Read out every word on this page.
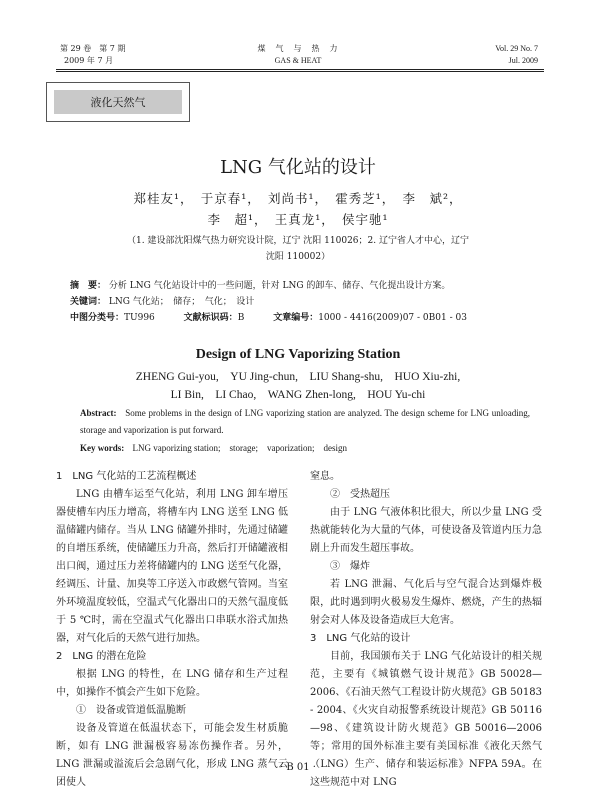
第 29 卷　第 7 期
2009 年 7 月
煤　气　与　热　力
GAS & HEAT
Vol. 29 No. 7
Jul. 2009
液化天然气
LNG 气化站的设计
郑桂友¹，　于京春¹，　刘尚书¹，　霍秀芝¹，　李　斌²，
李　超¹，　王真龙¹，　侯宇驰¹
（1. 建设部沈阳煤气热力研究设计院，辽宁 沈阳 110026；2. 辽宁省人才中心，辽宁
沈阳 110002）
摘　要： 分析 LNG 气化站设计中的一些问题，针对 LNG 的卸车、储存、气化提出设计方案。
关键词： LNG 气化站；　储存；　气化；　设计
中图分类号：TU996	文献标识码：B	文章编号：1000 - 4416(2009)07 - 0B01 - 03
Design of LNG Vaporizing Station
ZHENG Gui-you,　YU Jing-chun,　LIU Shang-shu,　HUO Xiu-zhi,
LI Bin,　LI Chao,　WANG Zhen-long,　HOU Yu-chi
Abstract: Some problems in the design of LNG vaporizing station are analyzed. The design scheme for LNG unloading, storage and vaporization is put forward.
Key words: LNG vaporizing station;　storage;　vaporization;　design

1　LNG 气化站的工艺流程概述

LNG 由槽车运至气化站，利用 LNG 卸车增压器使槽车内压力增高，将槽车内 LNG 送至 LNG 低温储罐内储存。当从 LNG 储罐外排时，先通过储罐的自增压系统，使储罐压力升高，然后打开储罐液相出口阀，通过压力差将储罐内的 LNG 送至气化器，经调压、计量、加臭等工序送入市政燃气管网。当室外环境温度较低，空温式气化器出口的天然气温度低于 5 ℃时，需在空温式气化器出口串联水浴式加热器，对气化后的天然气进行加热。

2　LNG 的潜在危险

根据 LNG 的特性，在 LNG 储存和生产过程中，如操作不慎会产生如下危险。

①　设备或管道低温脆断

设备及管道在低温状态下，可能会发生材质脆断，如有 LNG 泄漏极容易冻伤操作者。另外，LNG 泄漏或溢流后会急剧气化，形成 LNG 蒸气云团使人

窒息。

②　受热超压

由于 LNG 气液体积比很大，所以少量 LNG 受热就能转化为大量的气体，可使设备及管道内压力急剧上升而发生超压事故。

③　爆炸

若 LNG 泄漏、气化后与空气混合达到爆炸极限，此时遇到明火极易发生爆炸、燃烧，产生的热辐射会对人体及设备造成巨大危害。

3　LNG 气化站的设计

目前，我国颁布关于 LNG 气化站设计的相关规范，主要有《城镇燃气设计规范》GB 50028—2006、《石油天然气工程设计防火规范》GB 50183 - 2004、《火灾自动报警系统设计规范》GB 50116—98、《建筑设计防火规范》GB 50016—2006 等；常用的国外标准主要有美国标准《液化天然气（LNG）生产、储存和装运标准》NFPA 59A。在这些规范中对 LNG

· B 01 ·
